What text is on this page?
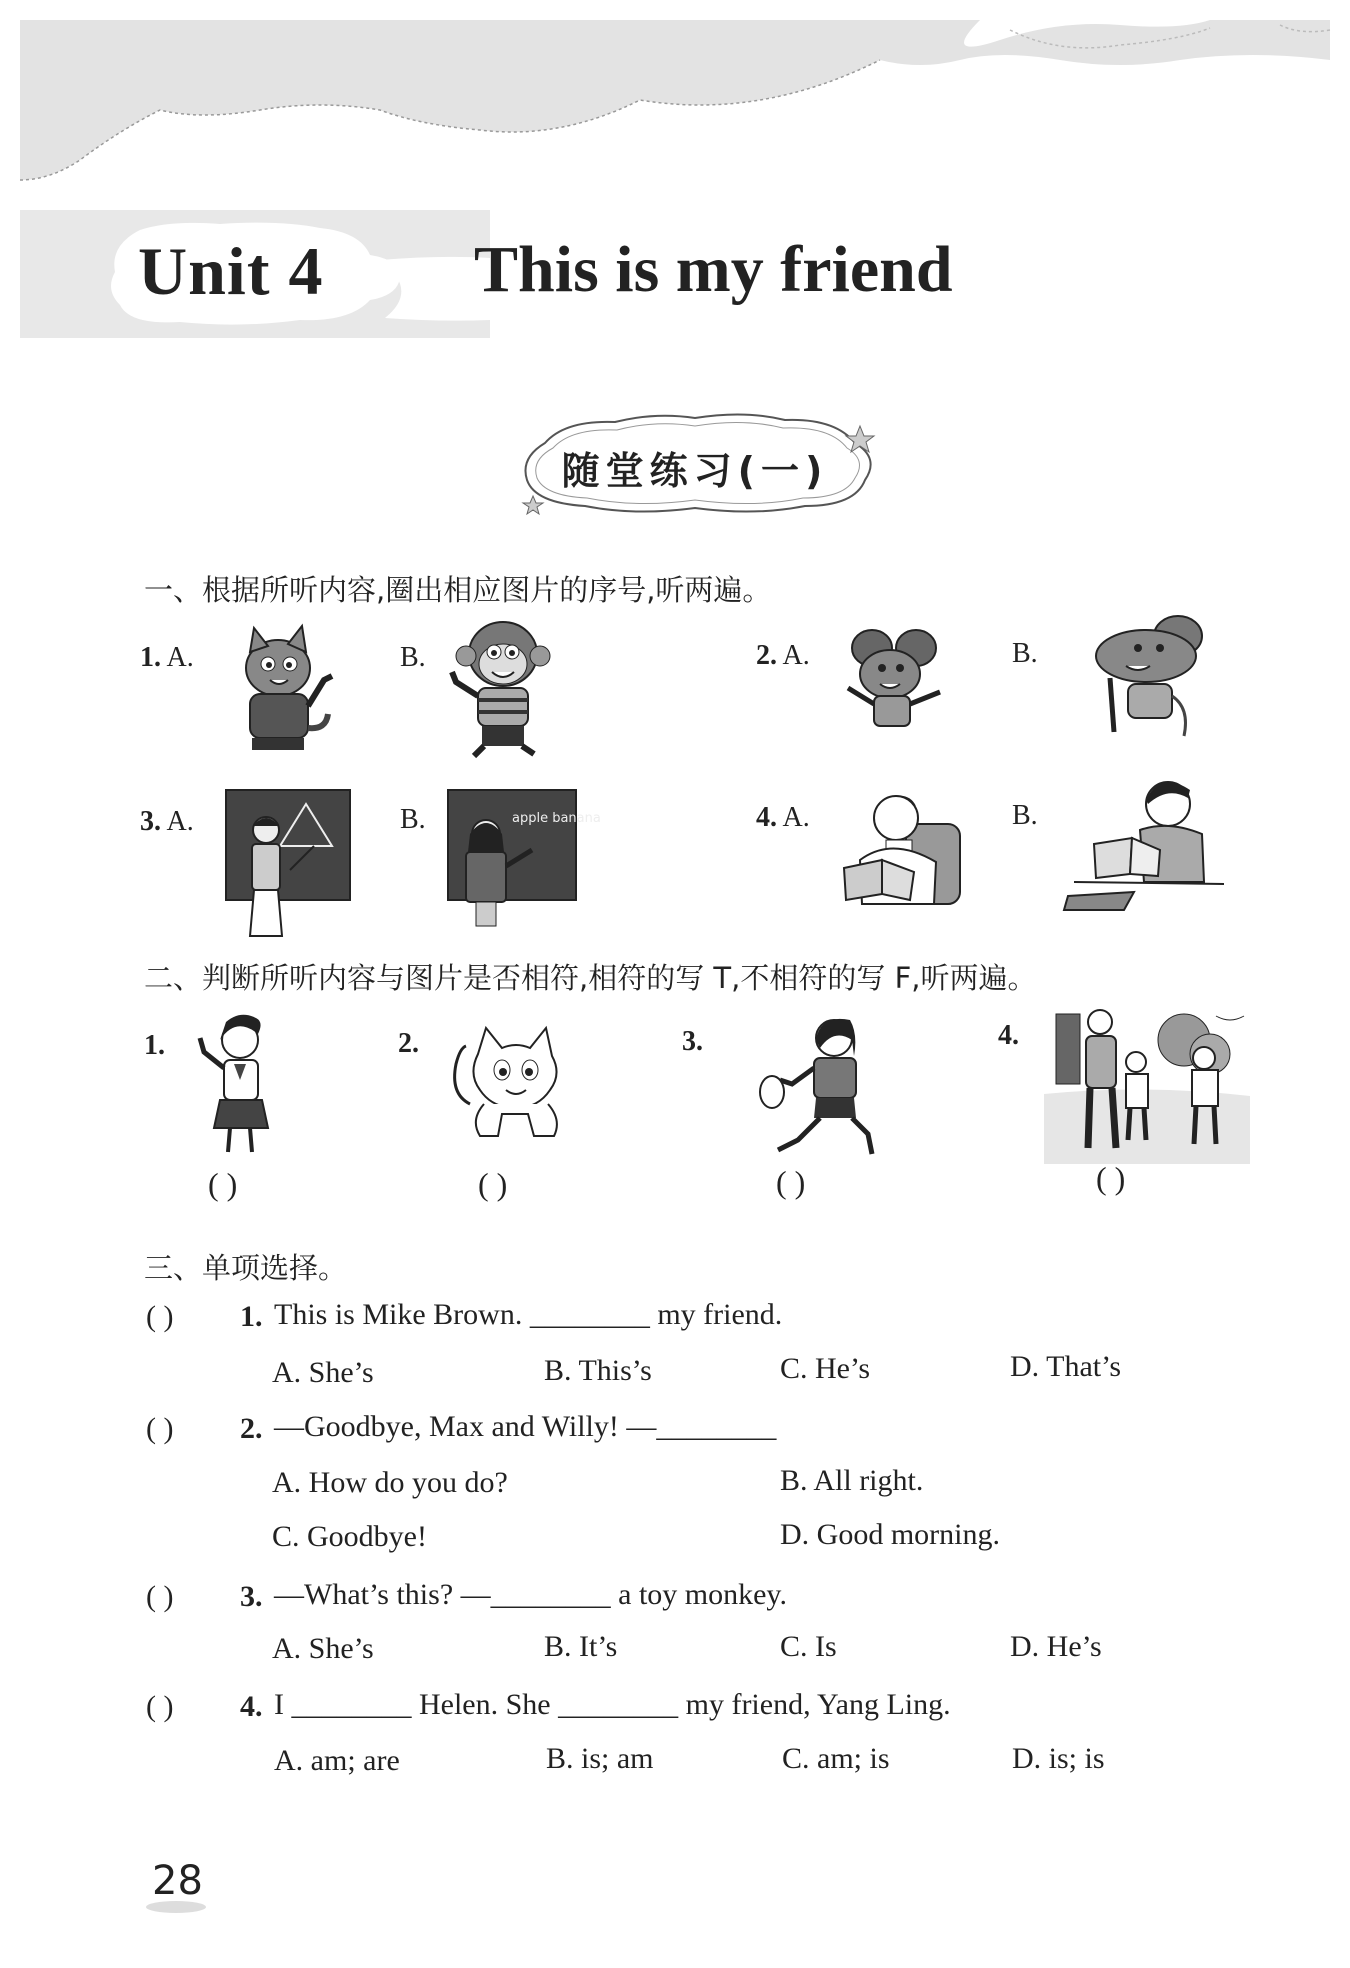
Unit 4 This is my friend
随堂练习(一)
一、根据所听内容,圈出相应图片的序号,听两遍。
1. A.	B.	2. A.	B.
3. A.	B.	apple banana	4. A.	B.
二、判断所听内容与图片是否相符,相符的写 T,不相符的写 F,听两遍。
1.
( )
2.
( )
3.
( )
4.
( )
三、单项选择。
( ) 1. This is Mike Brown. ________ my friend.
A. She’s	B. This’s	C. He’s	D. That’s
( ) 2. —Goodbye, Max and Willy! —________
A. How do you do?	B. All right.
C. Goodbye!	D. Good morning.
( ) 3. —What’s this? —________ a toy monkey.
A. She’s	B. It’s	C. Is	D. He’s
( ) 4. I ________ Helen. She ________ my friend, Yang Ling.
A. am; are	B. is; am	C. am; is	D. is; is
28
